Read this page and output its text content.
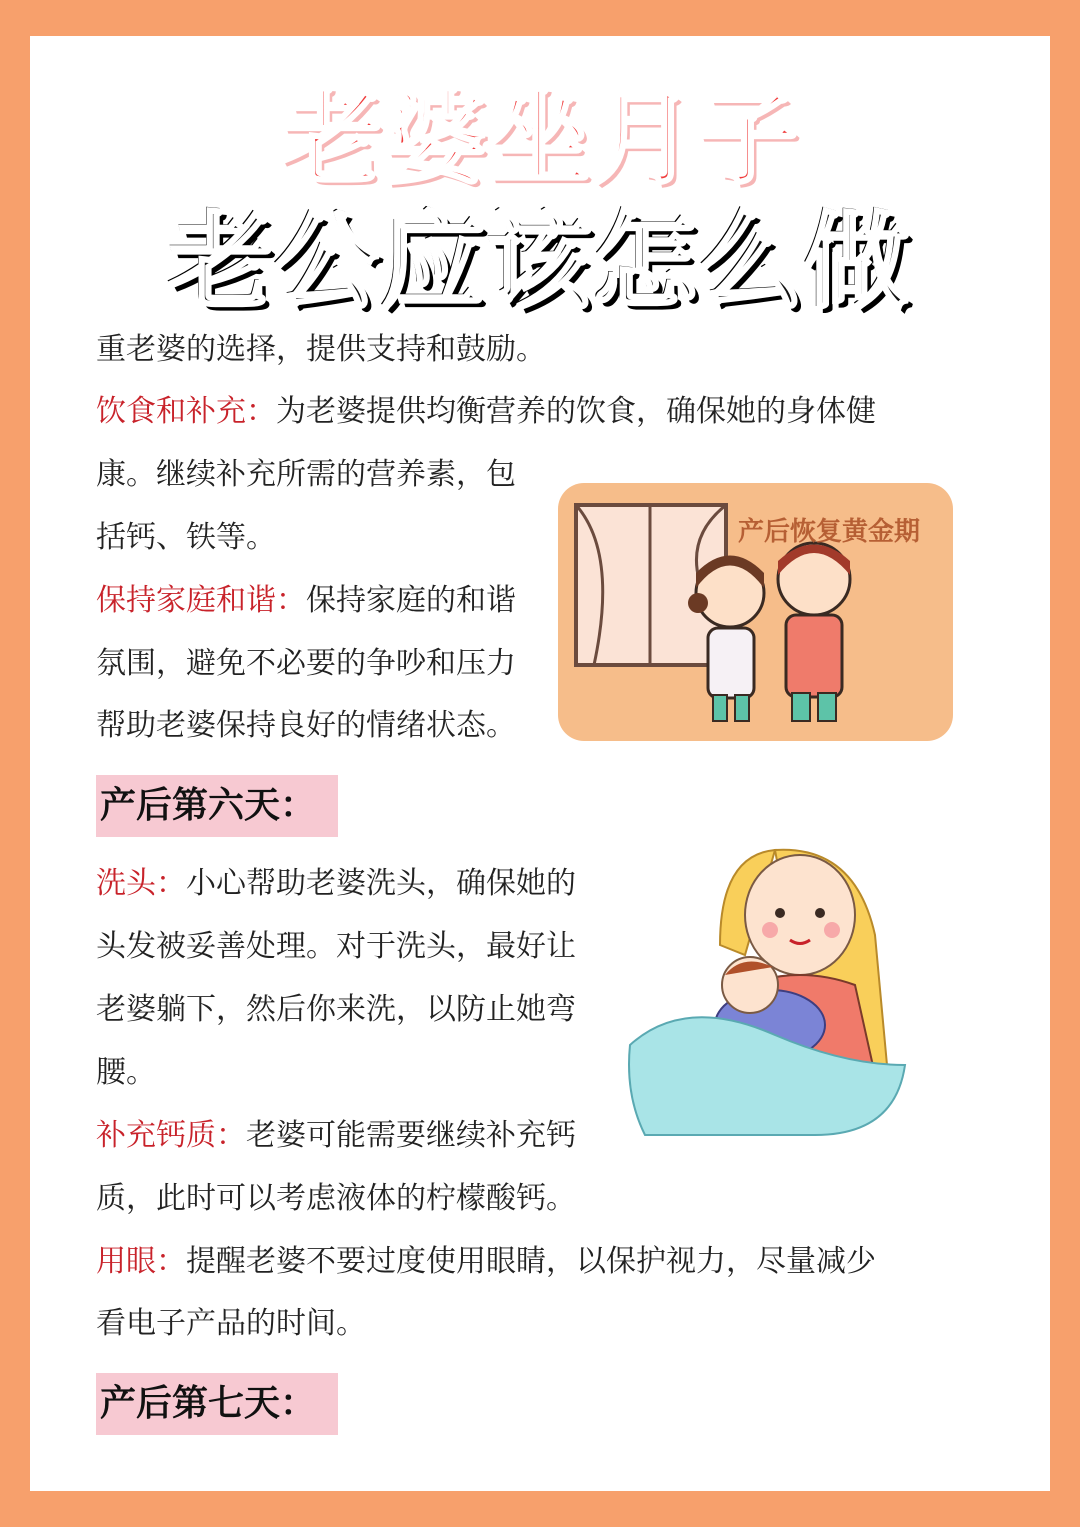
老婆坐月子
老公应该怎么做
重老婆的选择，提供支持和鼓励。
饮食和补充：为老婆提供均衡营养的饮食，确保她的身体健
康。继续补充所需的营养素，包
括钙、铁等。
保持家庭和谐：保持家庭的和谐
氛围，避免不必要的争吵和压力
帮助老婆保持良好的情绪状态。
产后恢复黄金期
产后第六天：
洗头：小心帮助老婆洗头，确保她的
头发被妥善处理。对于洗头，最好让
老婆躺下，然后你来洗，以防止她弯
腰。
补充钙质：老婆可能需要继续补充钙
质，此时可以考虑液体的柠檬酸钙。
用眼：提醒老婆不要过度使用眼睛，以保护视力，尽量减少
看电子产品的时间。
产后第七天：
